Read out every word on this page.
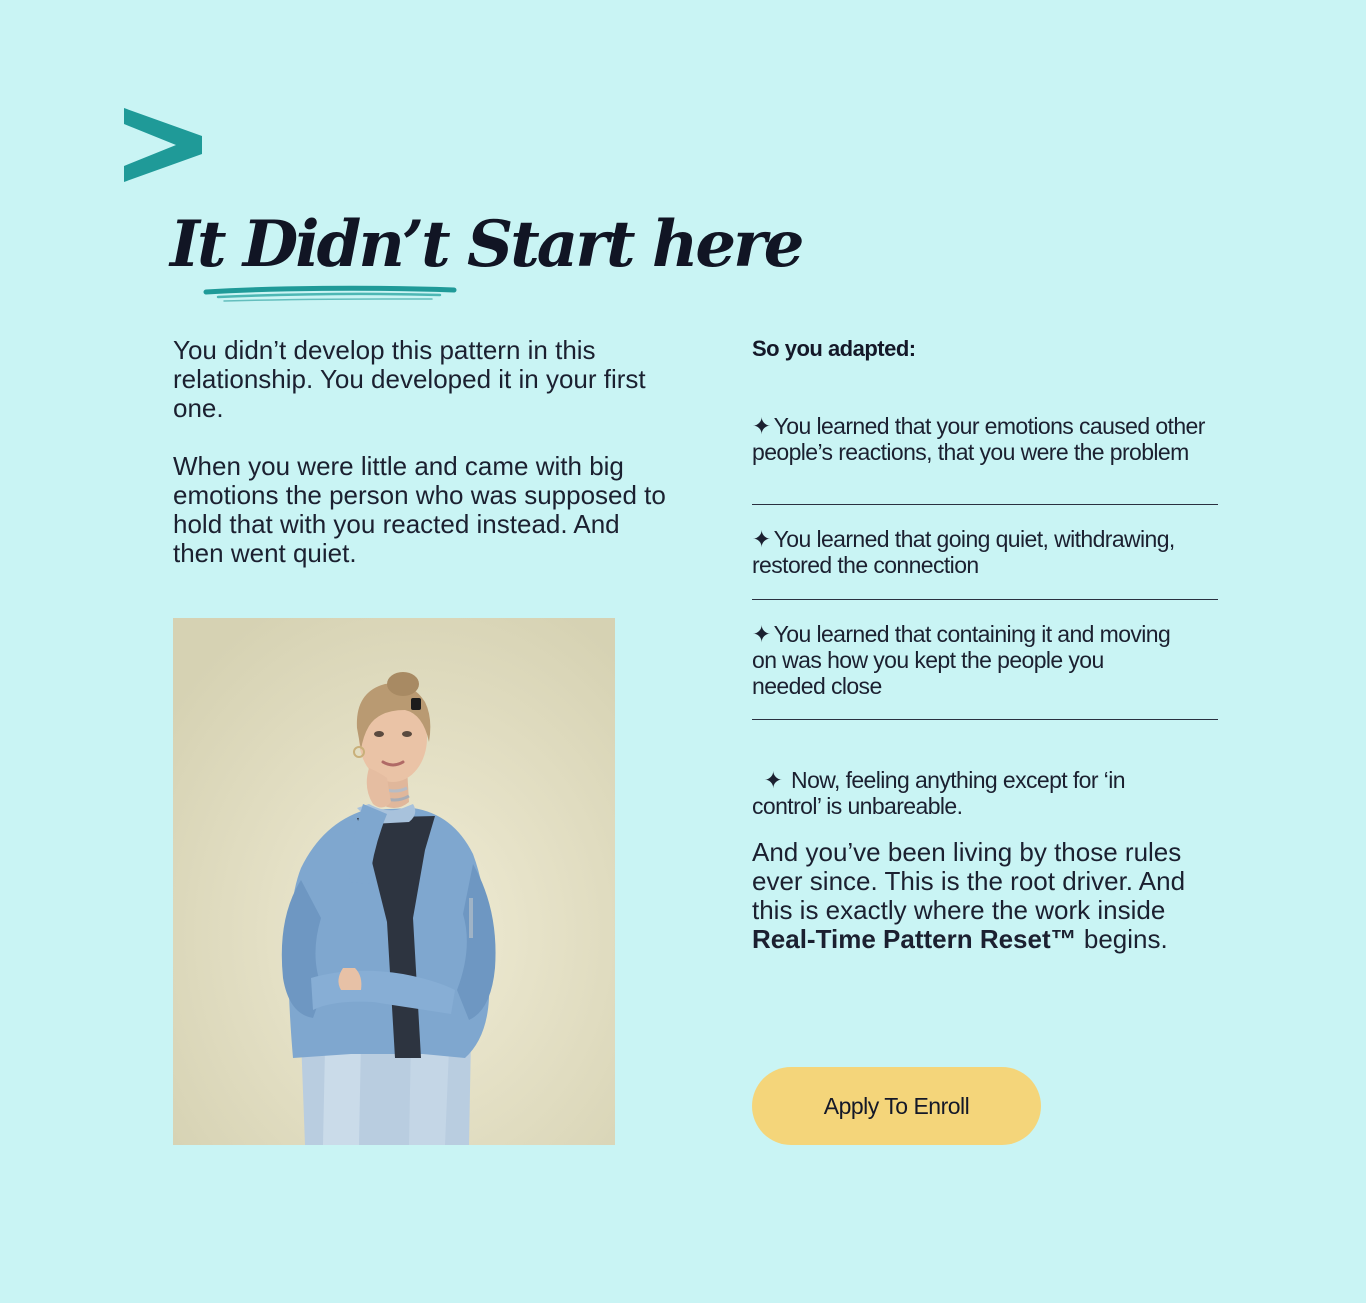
It Didn’t Start here

You didn’t develop this pattern in this relationship. You developed it in your first one.

When you were little and came with big emotions the person who was supposed to hold that with you reacted instead. And then went quiet.

So you adapted:
✦ You learned that your emotions caused other people’s reactions, that you were the problem
✦ You learned that going quiet, withdrawing, restored the connection
✦ You learned that containing it and moving on was how you kept the people you needed close

✦ Now, feeling anything except for ‘in control’ is unbareable.

And you’ve been living by those rules ever since. This is the root driver. And this is exactly where the work inside Real-Time Pattern Reset™ begins.

Apply To Enroll
